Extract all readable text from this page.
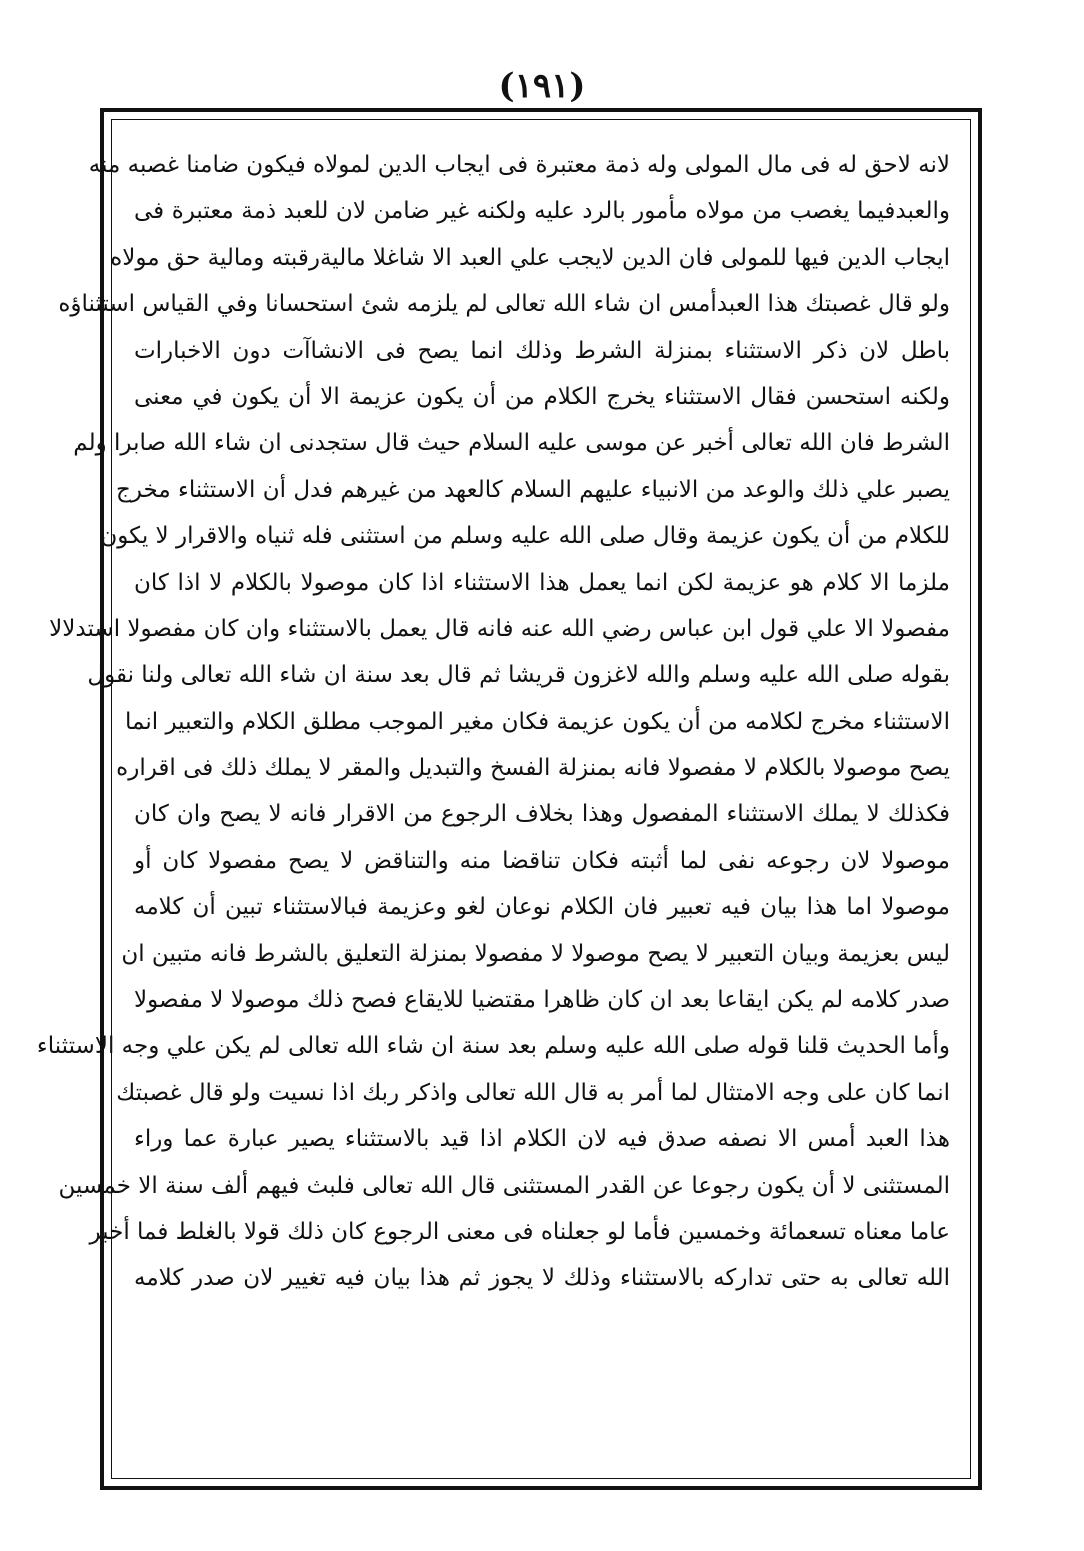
(١٩١)
لانه لاحق له فى مال المولى وله ذمة معتبرة فى ايجاب الدين لمولاه فيكون ضامنا غصبه منه
والعبدفيما يغصب من مولاه مأمور بالرد عليه ولكنه غير ضامن لان للعبد ذمة معتبرة فى
ايجاب الدين فيها للمولى فان الدين لايجب علي العبد الا شاغلا ماليةرقبته ومالية حق مولاه
ولو قال غصبتك هذا العبدأمس ان شاء الله تعالى لم يلزمه شئ استحسانا وفي القياس استثناؤه
باطل لان ذكر الاستثناء بمنزلة الشرط وذلك انما يصح فى الانشاآت دون الاخبارات
ولكنه استحسن فقال الاستثناء يخرج الكلام من أن يكون عزيمة الا أن يكون في معنى
الشرط فان الله تعالى أخبر عن موسى عليه السلام حيث قال ستجدنى ان شاء الله صابرا ولم
يصبر علي ذلك والوعد من الانبياء عليهم السلام كالعهد من غيرهم فدل أن الاستثناء مخرج
للكلام من أن يكون عزيمة وقال صلى الله عليه وسلم من استثنى فله ثنياه والاقرار لا يكون
ملزما الا كلام هو عزيمة لكن انما يعمل هذا الاستثناء اذا كان موصولا بالكلام لا اذا كان
مفصولا الا علي قول ابن عباس رضي الله عنه فانه قال يعمل بالاستثناء وان كان مفصولا استدلالا
بقوله صلى الله عليه وسلم والله لاغزون قريشا ثم قال بعد سنة ان شاء الله تعالى ولنا نقول
الاستثناء مخرج لكلامه من أن يكون عزيمة فكان مغير الموجب مطلق الكلام والتعبير انما
يصح موصولا بالكلام لا مفصولا فانه بمنزلة الفسخ والتبديل والمقر لا يملك ذلك فى اقراره
فكذلك لا يملك الاستثناء المفصول وهذا بخلاف الرجوع من الاقرار فانه لا يصح وان كان
موصولا لان رجوعه نفى لما أثبته فكان تناقضا منه والتناقض لا يصح مفصولا كان أو
موصولا اما هذا بيان فيه تعبير فان الكلام نوعان لغو وعزيمة فبالاستثناء تبين أن كلامه
ليس بعزيمة وبيان التعبير لا يصح موصولا لا مفصولا بمنزلة التعليق بالشرط فانه متبين ان
صدر كلامه لم يكن ايقاعا بعد ان كان ظاهرا مقتضيا للايقاع فصح ذلك موصولا لا مفصولا
وأما الحديث قلنا قوله صلى الله عليه وسلم بعد سنة ان شاء الله تعالى لم يكن علي وجه الاستثناء
انما كان على وجه الامتثال لما أمر به قال الله تعالى واذكر ربك اذا نسيت ولو قال غصبتك
هذا العبد أمس الا نصفه صدق فيه لان الكلام اذا قيد بالاستثناء يصير عبارة عما وراء
المستثنى لا أن يكون رجوعا عن القدر المستثنى قال الله تعالى فلبث فيهم ألف سنة الا خمسين
عاما معناه تسعمائة وخمسين فأما لو جعلناه فى معنى الرجوع كان ذلك قولا بالغلط فما أخبر
الله تعالى به حتى تداركه بالاستثناء وذلك لا يجوز ثم هذا بيان فيه تغيير لان صدر كلامه
